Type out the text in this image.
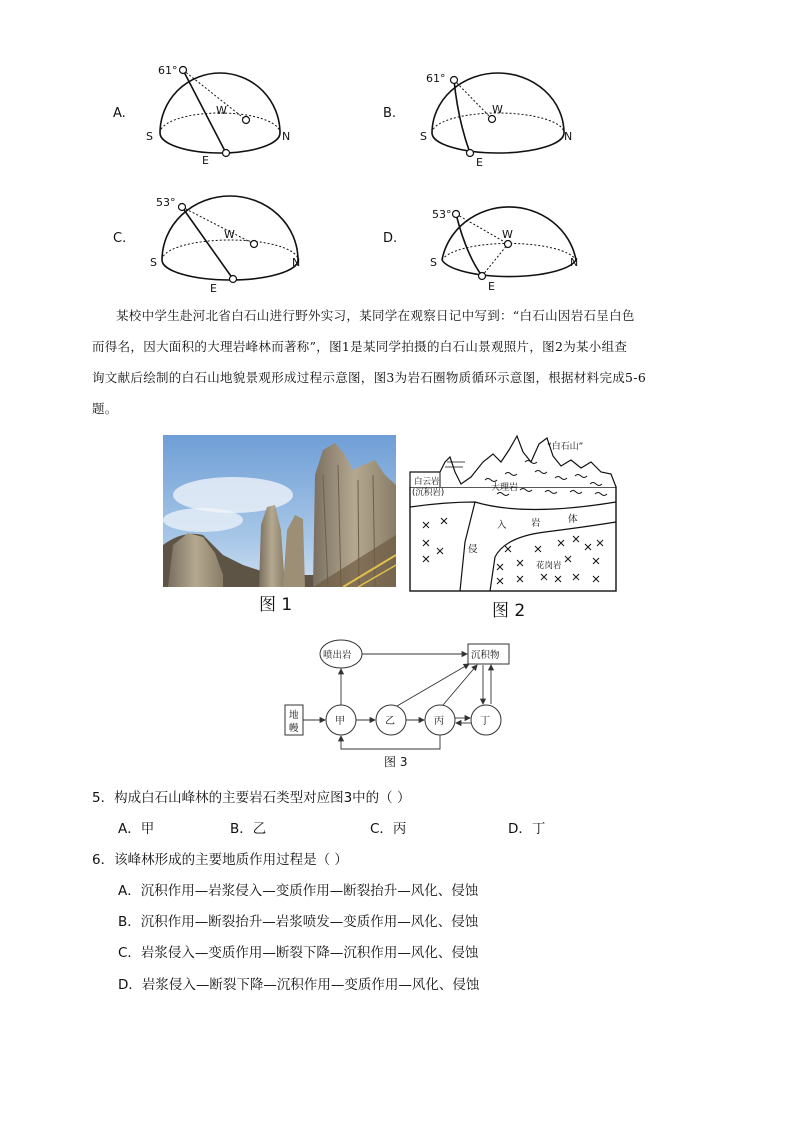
A.
61°
W
S	N
E
B.
61°
W
S	N
E
C.
53°
W
S	N
E
D.
53°
W
S	N
E
某校中学生赴河北省白石山进行野外实习，某同学在观察日记中写到：“白石山因岩石呈白色
而得名，因大面积的大理岩峰林而著称”，图1是某同学拍摄的白石山景观照片，图2为某小组查
询文献后绘制的白石山地貌景观形成过程示意图，图3为岩石圈物质循环示意图，根据材料完成5-6
题。
图 1
“白石山”
白云岩
(沉积岩)	大理岩
入	岩	体
侵
花岗岩
图 2
喷出岩	沉积物
地
幔
甲	乙	丙	丁
图 3
5．构成白石山峰林的主要岩石类型对应图3中的（ ）
A．甲	B．乙	C．丙	D．丁
6．该峰林形成的主要地质作用过程是（ ）
A．沉积作用—岩浆侵入—变质作用—断裂抬升—风化、侵蚀
B．沉积作用—断裂抬升—岩浆喷发—变质作用—风化、侵蚀
C．岩浆侵入—变质作用—断裂下降—沉积作用—风化、侵蚀
D．岩浆侵入—断裂下降—沉积作用—变质作用—风化、侵蚀
